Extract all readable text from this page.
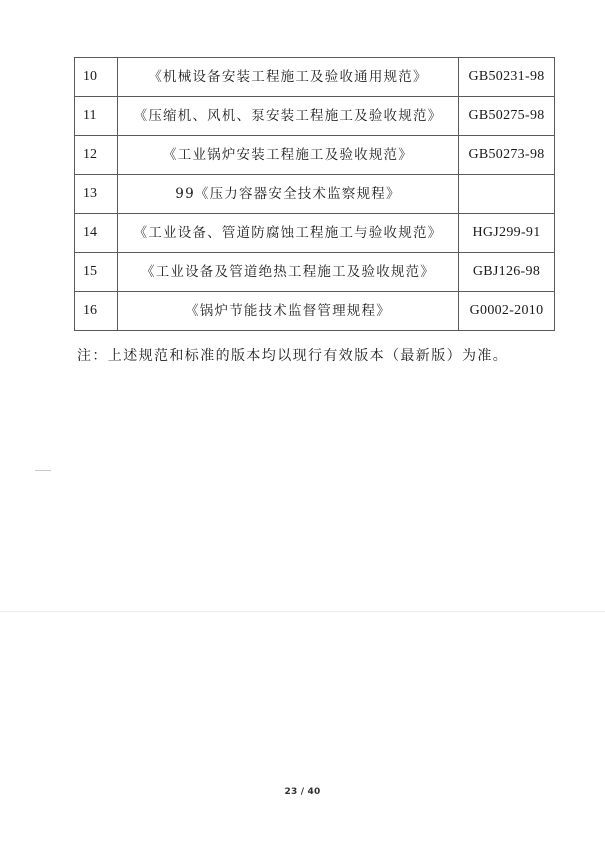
10	《机械设备安装工程施工及验收通用规范》	GB50231-98
11	《压缩机、风机、泵安装工程施工及验收规范》	GB50275-98
12	《工业锅炉安装工程施工及验收规范》	GB50273-98
13	99《压力容器安全技术监察规程》	
14	《工业设备、管道防腐蚀工程施工与验收规范》	HGJ299-91
15	《工业设备及管道绝热工程施工及验收规范》	GBJ126-98
16	《锅炉节能技术监督管理规程》	G0002-2010
注：上述规范和标准的版本均以现行有效版本（最新版）为准。
23 / 40
